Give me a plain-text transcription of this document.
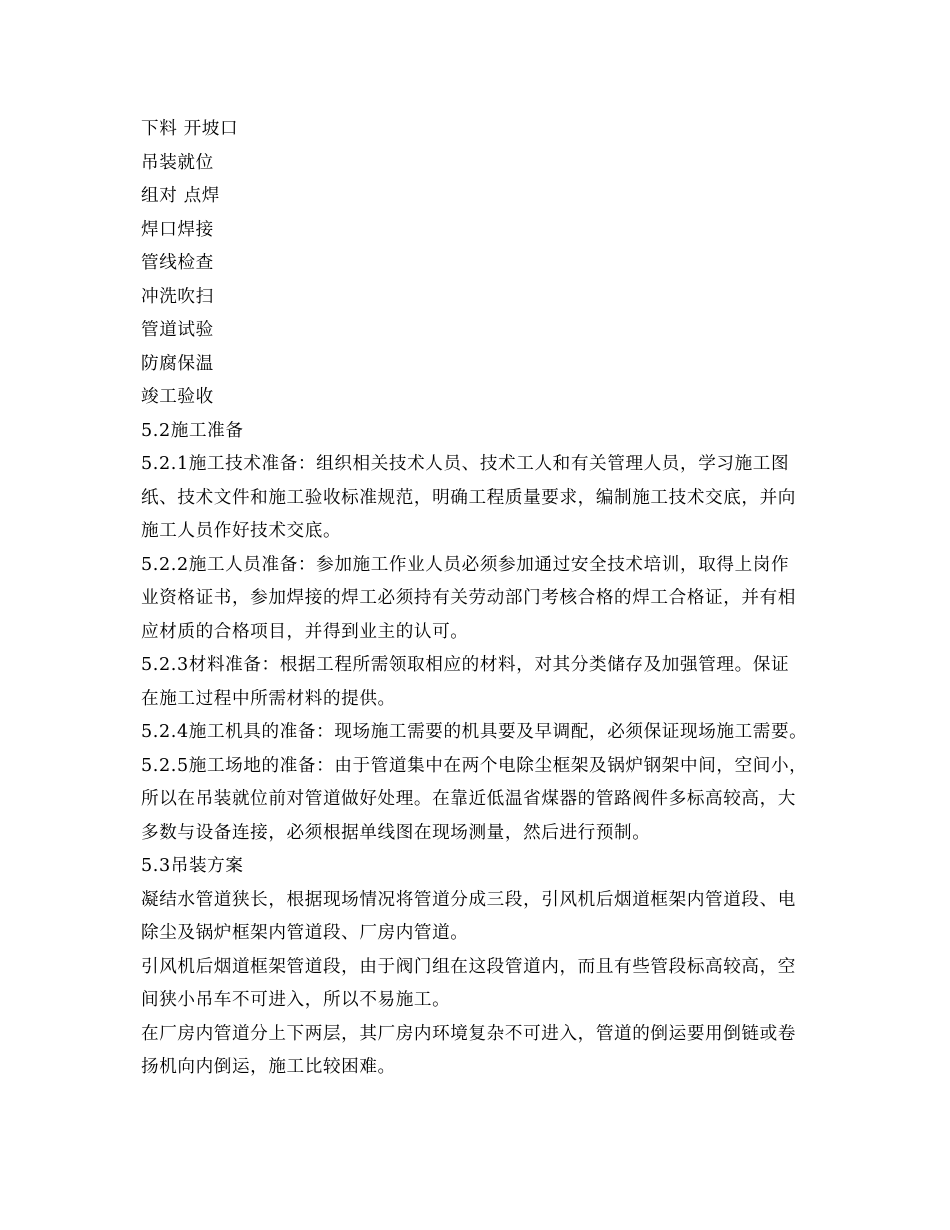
下料 开坡口
吊装就位
组对 点焊
焊口焊接
管线检查
冲洗吹扫
管道试验
防腐保温
竣工验收
5.2施工准备
5.2.1施工技术准备：组织相关技术人员、技术工人和有关管理人员，学习施工图
纸、技术文件和施工验收标准规范，明确工程质量要求，编制施工技术交底，并向
施工人员作好技术交底。
5.2.2施工人员准备：参加施工作业人员必须参加通过安全技术培训，取得上岗作
业资格证书，参加焊接的焊工必须持有关劳动部门考核合格的焊工合格证，并有相
应材质的合格项目，并得到业主的认可。
5.2.3材料准备：根据工程所需领取相应的材料，对其分类储存及加强管理。保证
在施工过程中所需材料的提供。
5.2.4施工机具的准备：现场施工需要的机具要及早调配，必须保证现场施工需要。
5.2.5施工场地的准备：由于管道集中在两个电除尘框架及锅炉钢架中间，空间小，
所以在吊装就位前对管道做好处理。在靠近低温省煤器的管路阀件多标高较高，大
多数与设备连接，必须根据单线图在现场测量，然后进行预制。
5.3吊装方案
凝结水管道狭长，根据现场情况将管道分成三段，引风机后烟道框架内管道段、电
除尘及锅炉框架内管道段、厂房内管道。
引风机后烟道框架管道段，由于阀门组在这段管道内，而且有些管段标高较高，空
间狭小吊车不可进入，所以不易施工。
在厂房内管道分上下两层，其厂房内环境复杂不可进入，管道的倒运要用倒链或卷
扬机向内倒运，施工比较困难。
